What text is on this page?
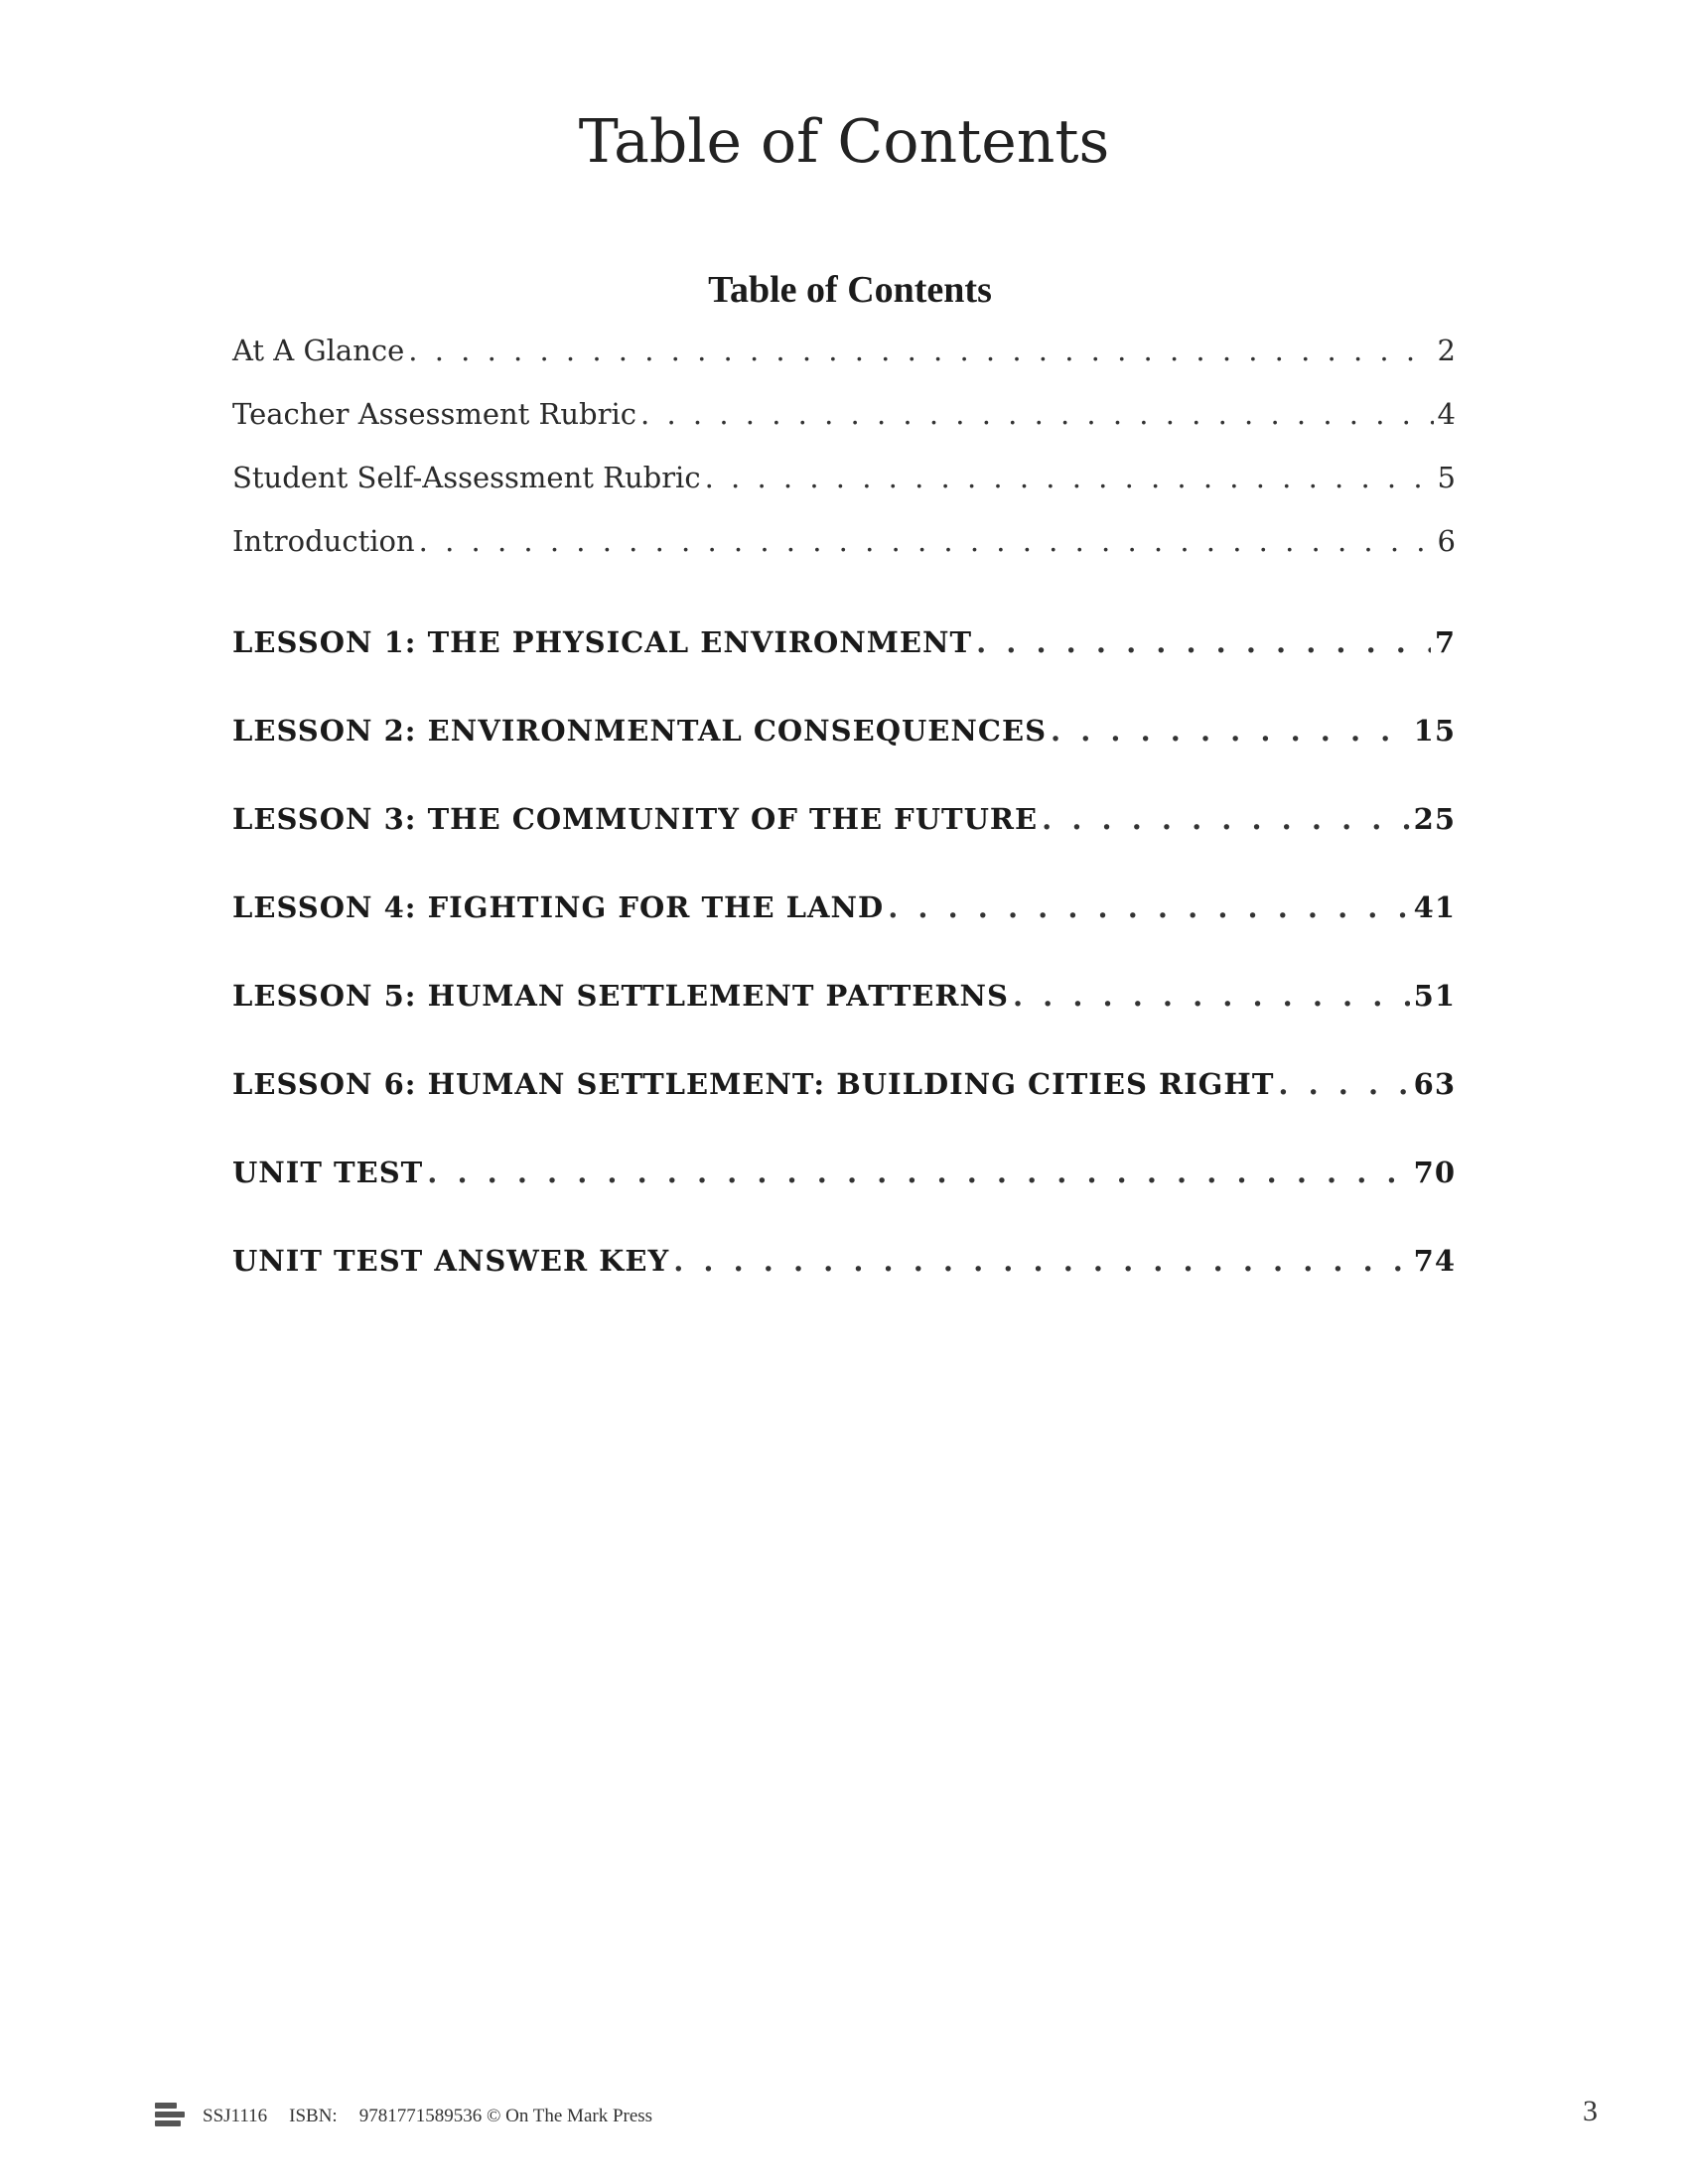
Table of Contents
Table of Contents
At A Glance . . .	2
Teacher Assessment Rubric . . .	4
Student Self-Assessment Rubric . . .	5
Introduction . . .	6
LESSON 1: THE PHYSICAL ENVIRONMENT . . .	7
LESSON 2: ENVIRONMENTAL CONSEQUENCES . . .	15
LESSON 3: THE COMMUNITY OF THE FUTURE . . .	25
LESSON 4: FIGHTING FOR THE LAND . . .	41
LESSON 5: HUMAN SETTLEMENT PATTERNS . . .	51
LESSON 6: HUMAN SETTLEMENT: BUILDING CITIES RIGHT . . .	63
UNIT TEST . . .	70
UNIT TEST ANSWER KEY . . .	74
SSJ1116 ISBN: 9781771589536 © On The Mark Press	3
